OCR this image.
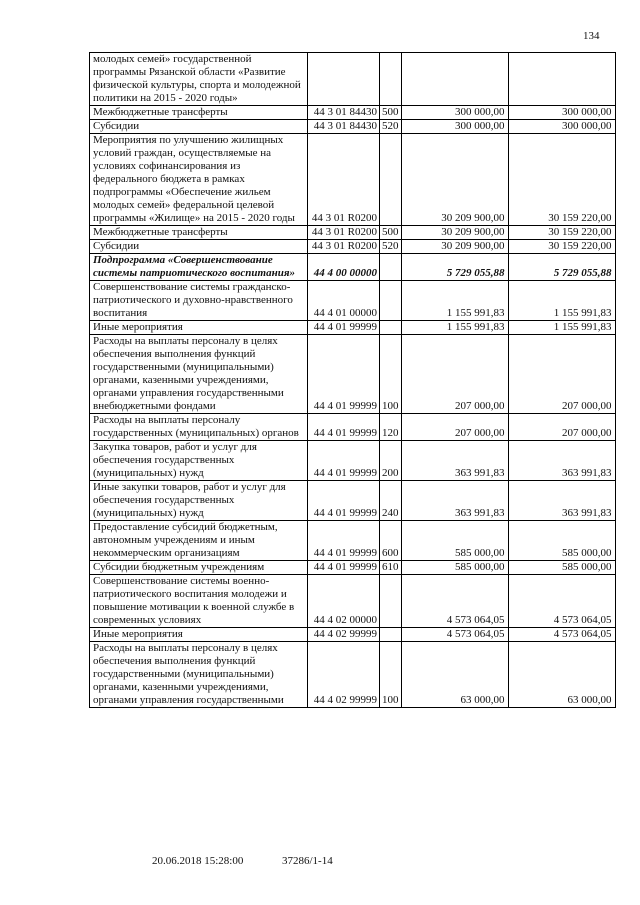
134
молодых семей» государственной программы Рязанской области «Развитие физической культуры, спорта и молодежной политики на 2015 - 2020 годы»				
Межбюджетные трансферты	44 3 01 84430	500	300 000,00	300 000,00
Субсидии	44 3 01 84430	520	300 000,00	300 000,00
Мероприятия по улучшению жилищных условий граждан, осуществляемые на условиях софинансирования из федерального бюджета в рамках подпрограммы «Обеспечение жильем молодых семей» федеральной целевой программы «Жилище» на 2015 - 2020 годы	44 3 01 R0200		30 209 900,00	30 159 220,00
Межбюджетные трансферты	44 3 01 R0200	500	30 209 900,00	30 159 220,00
Субсидии	44 3 01 R0200	520	30 209 900,00	30 159 220,00
Подпрограмма «Совершенствование системы патриотического воспитания»	44 4 00 00000		5 729 055,88	5 729 055,88
Совершенствование системы гражданско-патриотического и духовно-нравственного воспитания	44 4 01 00000		1 155 991,83	1 155 991,83
Иные мероприятия	44 4 01 99999		1 155 991,83	1 155 991,83
Расходы на выплаты персоналу в целях обеспечения выполнения функций государственными (муниципальными) органами, казенными учреждениями, органами управления государственными внебюджетными фондами	44 4 01 99999	100	207 000,00	207 000,00
Расходы на выплаты персоналу государственных (муниципальных) органов	44 4 01 99999	120	207 000,00	207 000,00
Закупка товаров, работ и услуг для обеспечения государственных (муниципальных) нужд	44 4 01 99999	200	363 991,83	363 991,83
Иные закупки товаров, работ и услуг для обеспечения государственных (муниципальных) нужд	44 4 01 99999	240	363 991,83	363 991,83
Предоставление субсидий бюджетным, автономным учреждениям и иным некоммерческим организациям	44 4 01 99999	600	585 000,00	585 000,00
Субсидии бюджетным учреждениям	44 4 01 99999	610	585 000,00	585 000,00
Совершенствование системы военно-патриотического воспитания молодежи и повышение мотивации к военной службе в современных условиях	44 4 02 00000		4 573 064,05	4 573 064,05
Иные мероприятия	44 4 02 99999		4 573 064,05	4 573 064,05
Расходы на выплаты персоналу в целях обеспечения выполнения функций государственными (муниципальными) органами, казенными учреждениями, органами управления государственными	44 4 02 99999	100	63 000,00	63 000,00
20.06.2018 15:28:00	37286/1-14
